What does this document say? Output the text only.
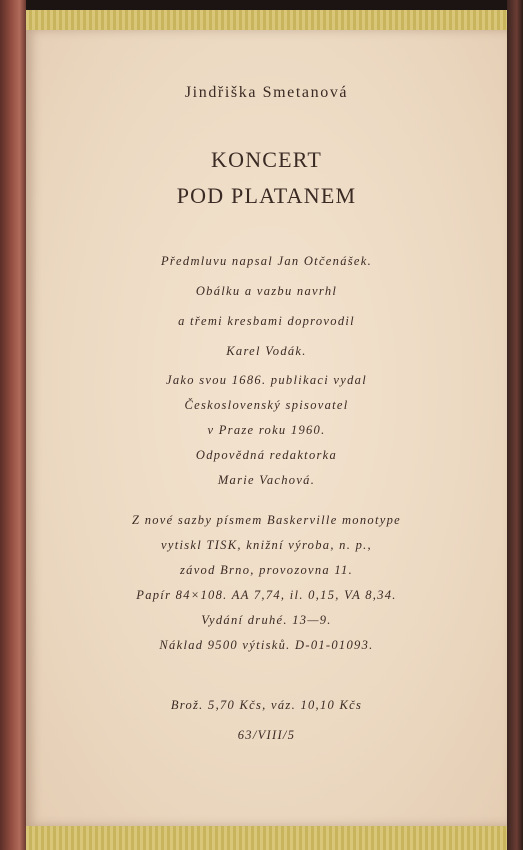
Jindřiška Smetanová
KONCERT
POD PLATANEM
Předmluvu napsal Jan Otčenášek.
Obálku a vazbu navrhl
a třemi kresbami doprovodil
Karel Vodák.
Jako svou 1686. publikaci vydal
Československý spisovatel
v Praze roku 1960.
Odpovědná redaktorka
Marie Vachová.
Z nové sazby písmem Baskerville monotype
vytiskl TISK, knižní výroba, n. p.,
závod Brno, provozovna 11.
Papír 84×108. AA 7,74, il. 0,15, VA 8,34.
Vydání druhé. 13—9.
Náklad 9500 výtisků. D-01-01093.
Brož. 5,70 Kčs, váz. 10,10 Kčs
63/VIII/5
